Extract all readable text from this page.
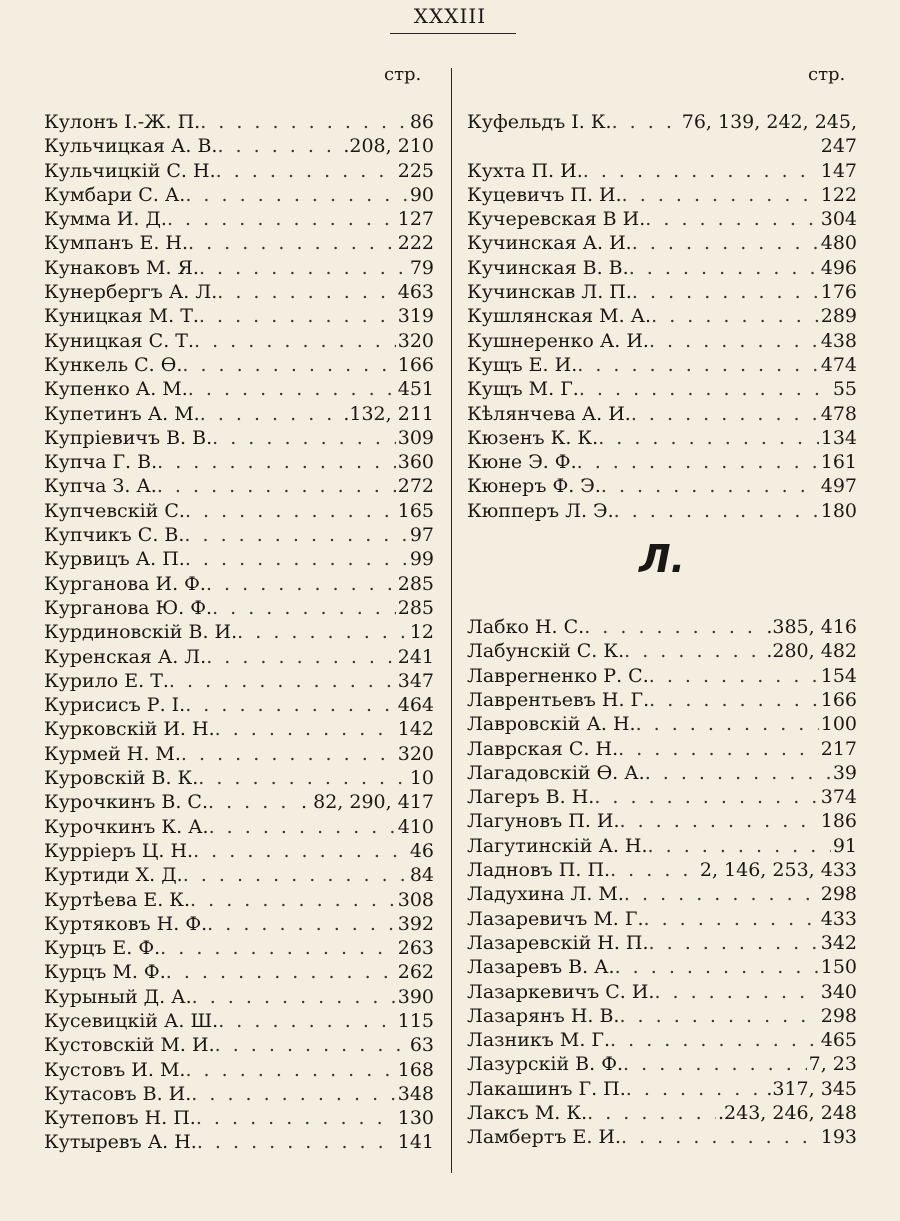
XXXIII
стр.	стр.
Кулонъ І.-Ж. П. . . .	86
Кульчицкая А. В. . . .	.208, 210
Кульчицкій С. Н. . . .	225
Кумбари С. А. . . .	90
Кумма И. Д. . . .	127
Кумпанъ Е. Н. . . .	222
Кунаковъ М. Я. . . .	79
Кунербергъ А. Л. . . .	463
Куницкая М. Т. . . .	319
Куницкая С. Т. . . .	320
Кункель С. Ѳ. . . .	166
Купенко А. М. . . .	451
Купетинъ А. М. . . .	.132, 211
Купрiевичъ В. В. . . .	309
Купча Г. В. . . .	360
Купча З. А. . . .	272
Купчевскій С. . . .	165
Купчикъ С. В. . . .	97
Курвицъ А. П. . . .	99
Курганова И. Ф. . . .	285
Курганова Ю. Ф. . . .	285
Курдиновскій В. И. . . .	12
Куренская А. Л. . . .	241
Курило Е. Т. . . .	347
Курисисъ Р. І. . . .	464
Курковскій И. Н. . . .	142
Курмей Н. М. . . .	320
Куровскій В. К. . . .	10
Курочкинъ В. С. . . .	. 82, 290, 417
Курочкинъ К. А. . . .	410
Курріеръ Ц. Н. . . .	46
Куртиди Х. Д. . . .	84
Куртѣева Е. К. . . .	308
Куртяковъ Н. Ф. . . .	392
Курцъ Е. Ф. . . .	263
Курцъ М. Ф. . . .	262
Курыный Д. А. . . .	390
Кусевицкій А. Ш. . . .	115
Кустовскій М. И. . . .	63
Кустовъ И. М. . . .	168
Кутасовъ В. И. . . .	348
Кутеповъ Н. П. . . .	130
Кутыревъ А. Н. . . .	141
Куфельдъ І. К. . . .	76, 139, 242, 245,
247
Кухта П. И. . . .	147
Куцевичъ П. И. . . .	122
Кучеревская В И. . . .	304
Кучинская А. И. . . .	480
Кучинская В. В. . . .	496
Кучинскав Л. П. . . .	176
Кушлянская М. А. . . .	289
Кушнеренко А. И. . . .	438
Кущъ Е. И. . . .	474
Кущъ М. Г. . . .	55
Кѣлянчева А. И. . . .	478
Кюзенъ К. К. . . .	134
Кюне Э. Ф. . . .	161
Кюнеръ Ф. Э. . . .	497
Кюпперъ Л. Э. . . .	180
Л.
Лабко Н. С. . . .	.385, 416
Лабунскій С. К. . . .	.280, 482
Лавреrненко Р. С. . . .	154
Лаврентьевъ Н. Г. . . .	166
Лавровскій А. Н. . . .	100
Лаврская С. Н. . . .	217
Лагадовскій Ѳ. А. . . .	39
Лагеръ В. Н. . . .	374
Лагуновъ П. И. . . .	186
Лагутинскій А. Н. . . .	91
Ладновъ П. П. . . .	2, 146, 253, 433
Ладухина Л. М. . . .	298
Лазаревичъ М. Г. . . .	433
Лазаревскій Н. П. . . .	342
Лазаревъ В. А. . . .	150
Лазаркевичъ С. И. . . .	340
Лазарянъ Н. В. . . .	298
Лазникъ М. Г. . . .	465
Лазурскій В. Ф. . . .	7, 23
Лакашинъ Г. П. . . .	.317, 345
Лаксъ М. К. . . .	.243, 246, 248
Ламбертъ Е. И. . . .	193
